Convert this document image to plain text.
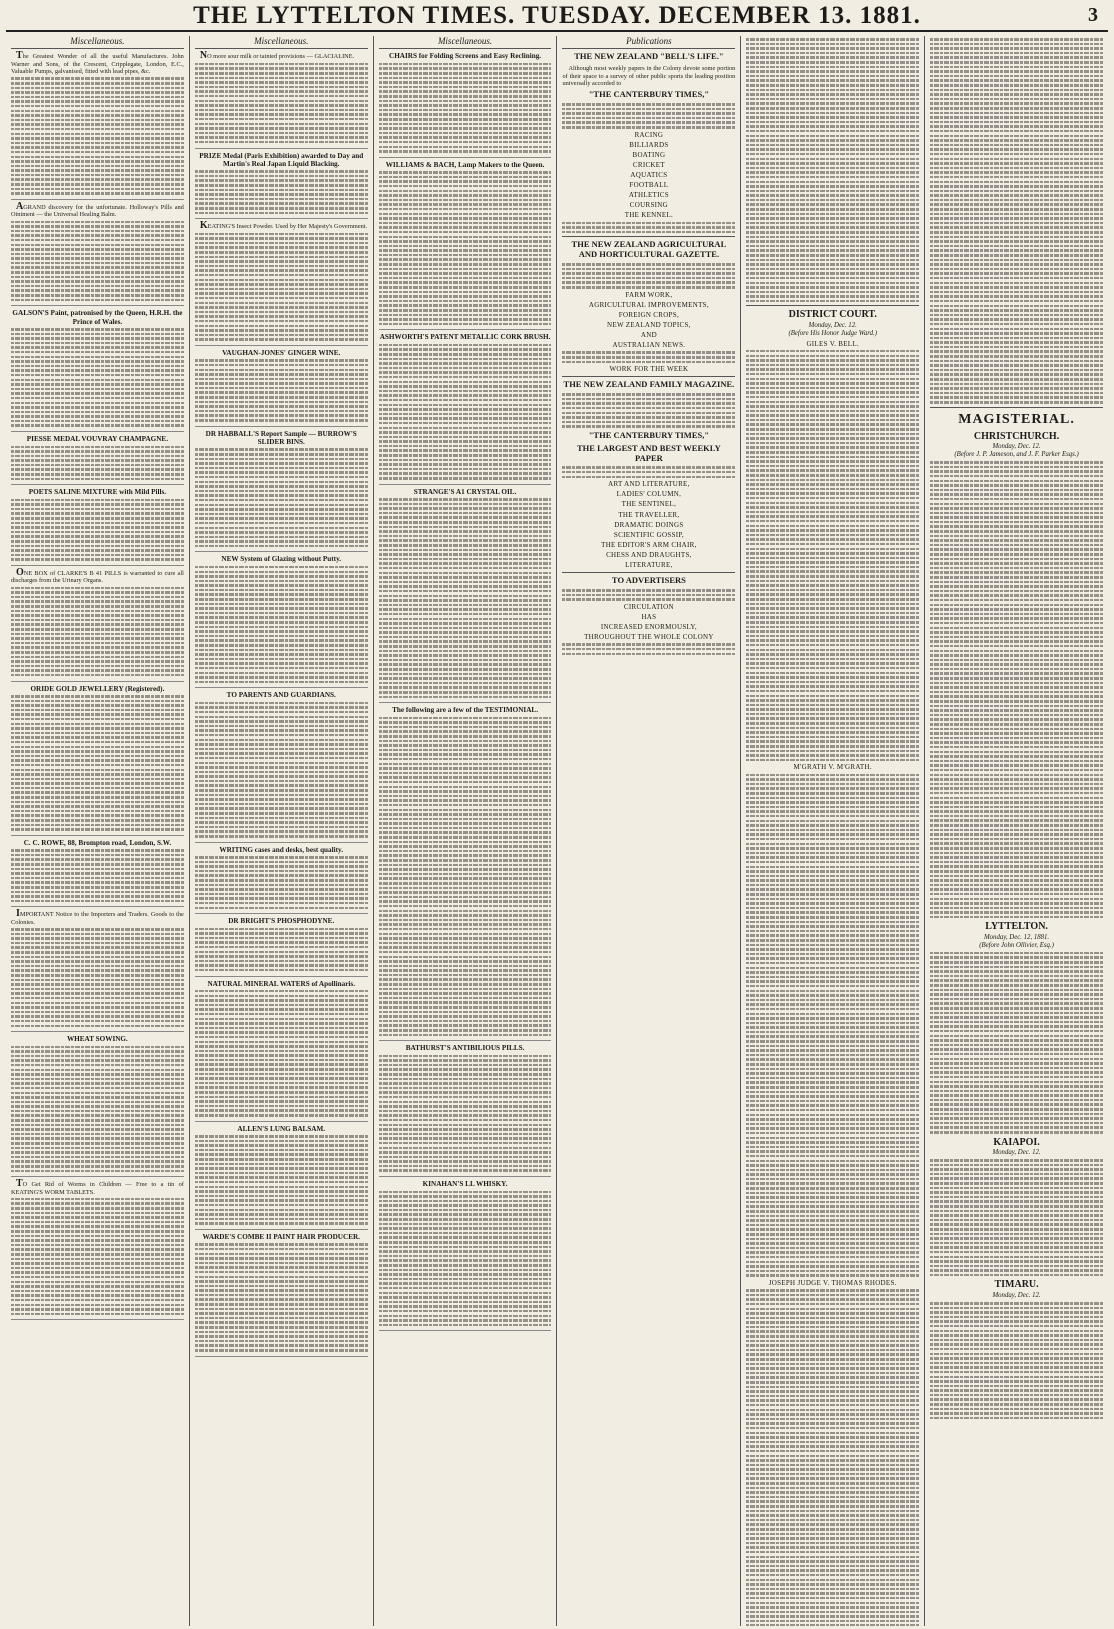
THE LYTTELTON TIMES. TUESDAY. DECEMBER 13. 1881.	3
Miscellaneous.

The Greatest Wonder of all the useful Manufactures. John Warner and Sons, of the Crescent, Cripplegate, London, E.C., Valuable Pumps, galvanised, fitted with lead pipes, &c.

AGRAND discovery for the unfortunate. Holloway's Pills and Ointment — the Universal Healing Balm.

GALSON'S Paint, patronised by the Queen, H.R.H. the Prince of Wales.
PIESSE MEDAL VOUVRAY CHAMPAGNE.
POETS SALINE MIXTURE with Mild Pills.

ONE BOX of CLARKE'S B 41 PILLS is warranted to cure all discharges from the Urinary Organs.

ORIDE GOLD JEWELLERY (Registered).
C. C. ROWE, 88, Brompton road, London, S.W.

IMPORTANT Notice to the Importers and Traders. Goods to the Colonies.

WHEAT SOWING.

TO Get Rid of Worms in Children — Free to a tin of KEATING'S WORM TABLETS.

Miscellaneous.

NO more sour milk or tainted provisions — GLACIALINE.

PRIZE Medal (Paris Exhibition) awarded to Day and Martin's Real Japan Liquid Blacking.

KEATING'S Insect Powder. Used by Her Majesty's Government.

VAUGHAN-JONES' GINGER WINE.
DR HABBALL'S Report Sample — BURROW'S SLIDER BINS.
NEW System of Glazing without Putty.
TO PARENTS AND GUARDIANS.
WRITING cases and desks, best quality.
DR BRIGHT'S PHOSPHODYNE.
NATURAL MINERAL WATERS of Apollinaris.
ALLEN'S LUNG BALSAM.
WARDE'S COMBE II PAINT HAIR PRODUCER.
Miscellaneous.
CHAIRS for Folding Screens and Easy Reclining.
WILLIAMS & BACH, Lamp Makers to the Queen.
ASHWORTH'S PATENT METALLIC CORK BRUSH.
STRANGE'S A1 CRYSTAL OIL.
The following are a few of the TESTIMONIAL.
BATHURST'S ANTIBILIOUS PILLS.
KINAHAN'S LL WHISKY.
Publications
THE NEW ZEALAND "BELL'S LIFE."

Although most weekly papers in the Colony devote some portion of their space to a survey of other public sports the leading position universally accorded to

"THE CANTERBURY TIMES,"
RACING
BILLIARDS
BOATING
CRICKET
AQUATICS
FOOTBALL
ATHLETICS
COURSING
THE KENNEL.
THE NEW ZEALAND AGRICULTURAL AND HORTICULTURAL GAZETTE.
FARM WORK,
AGRICULTURAL IMPROVEMENTS,
FOREIGN CROPS,
NEW ZEALAND TOPICS,
AND
AUSTRALIAN NEWS.
WORK FOR THE WEEK
THE NEW ZEALAND FAMILY MAGAZINE.
"THE CANTERBURY TIMES,"
THE LARGEST AND BEST WEEKLY PAPER
ART AND LITERATURE,
LADIES' COLUMN,
THE SENTINEL,
THE TRAVELLER,
DRAMATIC DOINGS
SCIENTIFIC GOSSIP,
THE EDITOR'S ARM CHAIR,
CHESS AND DRAUGHTS,
LITERATURE,
TO ADVERTISERS
CIRCULATION
HAS
INCREASED ENORMOUSLY,
THROUGHOUT THE WHOLE COLONY
DISTRICT COURT.
Monday, Dec. 12.
(Before His Honor Judge Ward.)
GILES V. BELL.
M'GRATH V. M'GRATH.
JOSEPH JUDGE V. THOMAS RHODES.
MAGISTERIAL.
CHRISTCHURCH.
Monday, Dec. 12.
(Before J. P. Jameson, and J. F. Parker Esqs.)
LYTTELTON.
Monday, Dec. 12, 1881.
(Before John Ollivier, Esq.)
KAIAPOI.
Monday, Dec. 12.
TIMARU.
Monday, Dec. 12.
